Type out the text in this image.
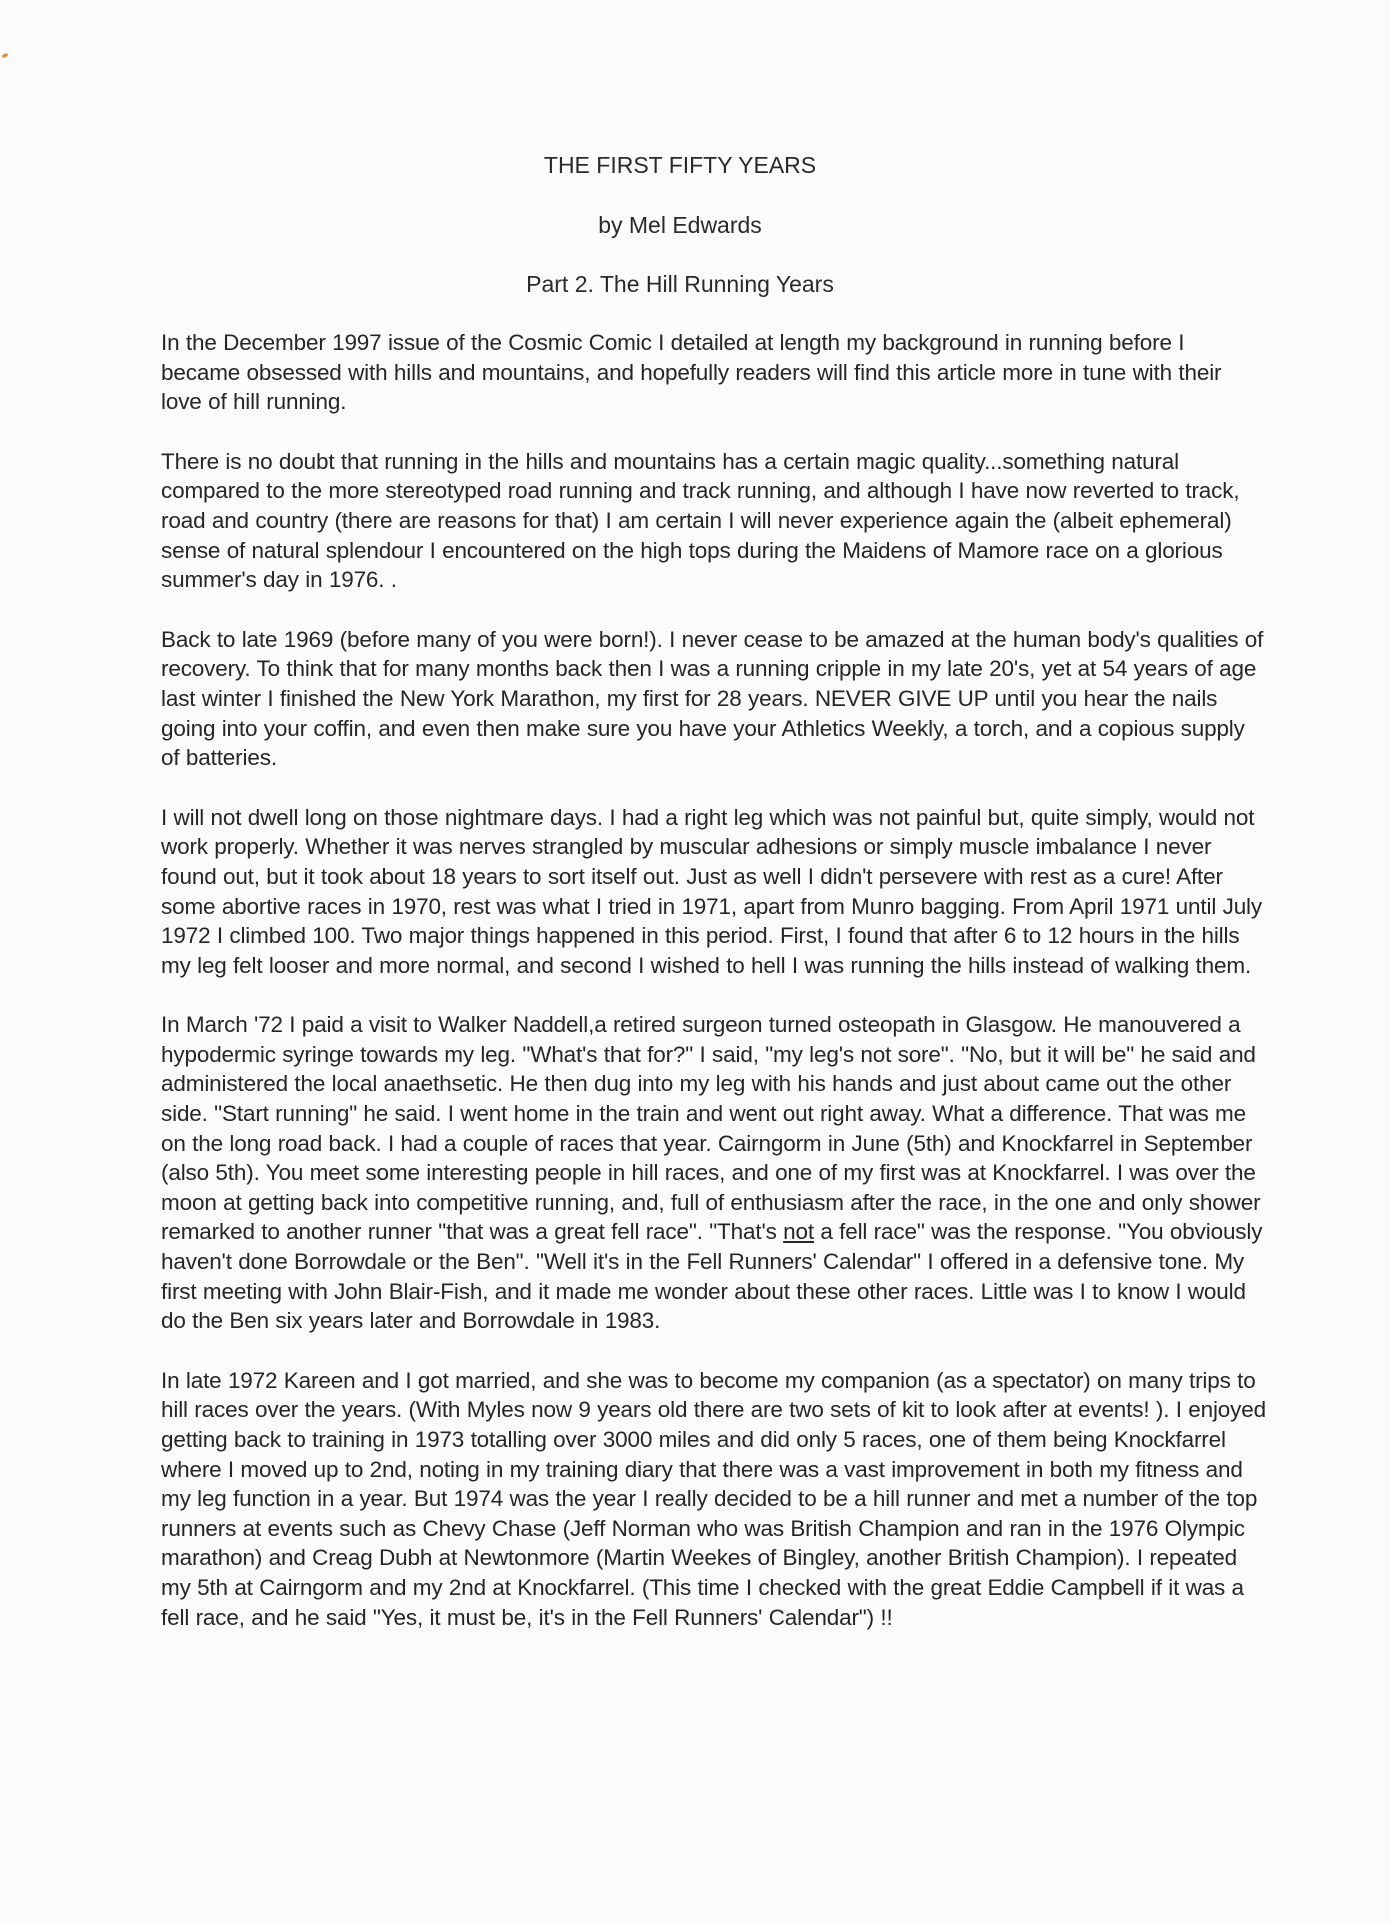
THE FIRST FIFTY YEARS
by Mel Edwards
Part 2. The Hill Running Years

In the December 1997 issue of the Cosmic Comic I detailed at length my background in running before I became obsessed with hills and mountains, and hopefully readers will find this article more in tune with their love of hill running.

There is no doubt that running in the hills and mountains has a certain magic quality...something natural compared to the more stereotyped road running and track running, and although I have now reverted to track, road and country (there are reasons for that) I am certain I will never experience again the (albeit ephemeral) sense of natural splendour I encountered on the high tops during the Maidens of Mamore race on a glorious summer's day in 1976. .

Back to late 1969 (before many of you were born!). I never cease to be amazed at the human body's qualities of recovery. To think that for many months back then I was a running cripple in my late 20's, yet at 54 years of age last winter I finished the New York Marathon, my first for 28 years. NEVER GIVE UP until you hear the nails going into your coffin, and even then make sure you have your Athletics Weekly, a torch, and a copious supply of batteries.

I will not dwell long on those nightmare days. I had a right leg which was not painful but, quite simply, would not work properly. Whether it was nerves strangled by muscular adhesions or simply muscle imbalance I never found out, but it took about 18 years to sort itself out. Just as well I didn't persevere with rest as a cure! After some abortive races in 1970, rest was what I tried in 1971, apart from Munro bagging. From April 1971 until July 1972 I climbed 100. Two major things happened in this period. First, I found that after 6 to 12 hours in the hills my leg felt looser and more normal, and second I wished to hell I was running the hills instead of walking them.

In March '72 I paid a visit to Walker Naddell,a retired surgeon turned osteopath in Glasgow. He manouvered a hypodermic syringe towards my leg. "What's that for?" I said, "my leg's not sore". "No, but it will be" he said and administered the local anaethsetic. He then dug into my leg with his hands and just about came out the other side. "Start running" he said. I went home in the train and went out right away. What a difference. That was me on the long road back. I had a couple of races that year. Cairngorm in June (5th) and Knockfarrel in September (also 5th). You meet some interesting people in hill races, and one of my first was at Knockfarrel. I was over the moon at getting back into competitive running, and, full of enthusiasm after the race, in the one and only shower remarked to another runner "that was a great fell race". "That's not a fell race" was the response. "You obviously haven't done Borrowdale or the Ben". "Well it's in the Fell Runners' Calendar" I offered in a defensive tone. My first meeting with John Blair-Fish, and it made me wonder about these other races. Little was I to know I would do the Ben six years later and Borrowdale in 1983.

In late 1972 Kareen and I got married, and she was to become my companion (as a spectator) on many trips to hill races over the years. (With Myles now 9 years old there are two sets of kit to look after at events! ). I enjoyed getting back to training in 1973 totalling over 3000 miles and did only 5 races, one of them being Knockfarrel where I moved up to 2nd, noting in my training diary that there was a vast improvement in both my fitness and my leg function in a year. But 1974 was the year I really decided to be a hill runner and met a number of the top runners at events such as Chevy Chase (Jeff Norman who was British Champion and ran in the 1976 Olympic marathon) and Creag Dubh at Newtonmore (Martin Weekes of Bingley, another British Champion). I repeated my 5th at Cairngorm and my 2nd at Knockfarrel. (This time I checked with the great Eddie Campbell if it was a fell race, and he said "Yes, it must be, it's in the Fell Runners' Calendar") !!
